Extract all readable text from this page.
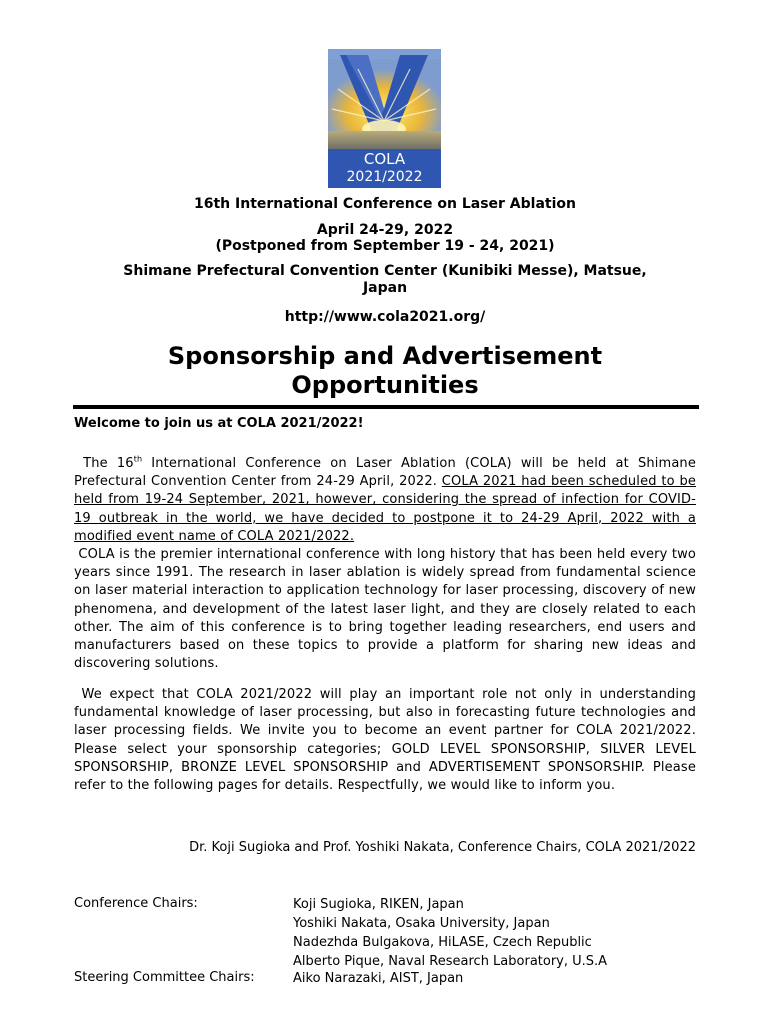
COLA
2021/2022
16th International Conference on Laser Ablation
April 24-29, 2022
(Postponed from September 19 - 24, 2021)
Shimane Prefectural Convention Center (Kunibiki Messe), Matsue,
Japan
http://www.cola2021.org/
Sponsorship and Advertisement
Opportunities
Welcome to join us at COLA 2021/2022!
The 16th International Conference on Laser Ablation (COLA) will be held at Shimane Prefectural Convention Center from 24-29 April, 2022. COLA 2021 had been scheduled to be held from 19-24 September, 2021, however, considering the spread of infection for COVID-19 outbreak in the world, we have decided to postpone it to 24-29 April, 2022 with a modified event name of COLA 2021/2022.
COLA is the premier international conference with long history that has been held every two years since 1991. The research in laser ablation is widely spread from fundamental science on laser material interaction to application technology for laser processing, discovery of new phenomena, and development of the latest laser light, and they are closely related to each other. The aim of this conference is to bring together leading researchers, end users and manufacturers based on these topics to provide a platform for sharing new ideas and discovering solutions.
We expect that COLA 2021/2022 will play an important role not only in understanding fundamental knowledge of laser processing, but also in forecasting future technologies and laser processing fields. We invite you to become an event partner for COLA 2021/2022. Please select your sponsorship categories; GOLD LEVEL SPONSORSHIP, SILVER LEVEL SPONSORSHIP, BRONZE LEVEL SPONSORSHIP and ADVERTISEMENT SPONSORSHIP. Please refer to the following pages for details. Respectfully, we would like to inform you.
Dr. Koji Sugioka and Prof. Yoshiki Nakata, Conference Chairs, COLA 2021/2022
Conference Chairs:	Koji Sugioka, RIKEN, Japan
Yoshiki Nakata, Osaka University, Japan
Nadezhda Bulgakova, HiLASE, Czech Republic
Alberto Pique, Naval Research Laboratory, U.S.A
Steering Committee Chairs:	Aiko Narazaki, AIST, Japan
